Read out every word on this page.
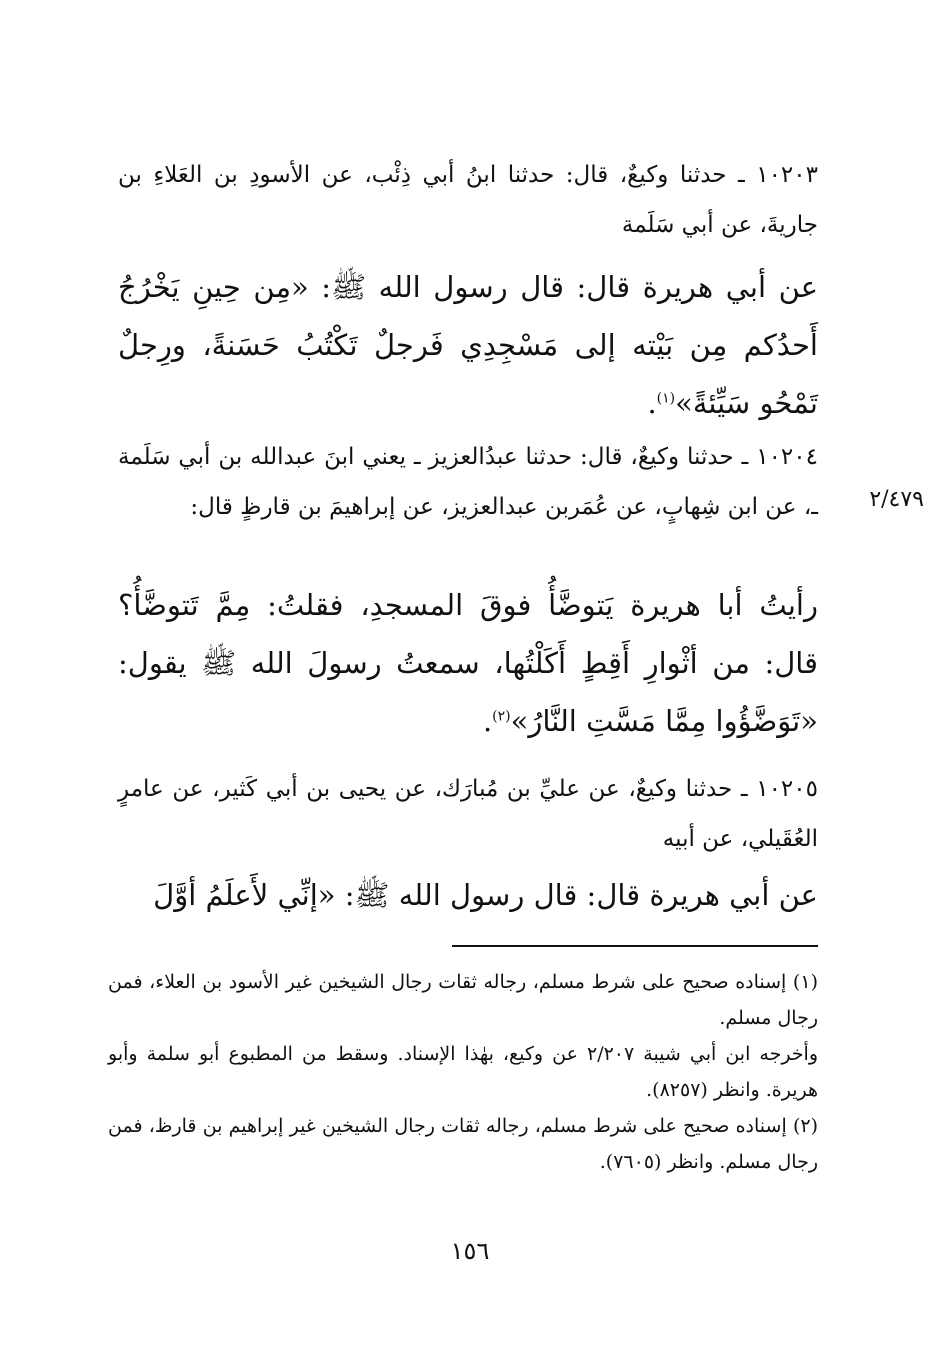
١٠٢٠٣ ـ حدثنا وكيعٌ، قال: حدثنا ابنُ أبي ذِئْب، عن الأسودِ بن العَلاءِ بن جاريةَ، عن أبي سَلَمة
عن أبي هريرة قال: قال رسول الله ﷺ: «مِن حِينِ يَخْرُجُ أَحدُكم مِن بَيْته إلى مَسْجِدِي فَرجلٌ تَكْتُبُ حَسَنةً، ورِجلٌ تَمْحُو سَيِّئةً»$^{(١)}$.
١٠٢٠٤ ـ حدثنا وكيعٌ، قال: حدثنا عبدُالعزيز ـ يعني ابنَ عبدالله بن أبي سَلَمة ـ، عن ابن شِهابٍ، عن عُمَربن عبدالعزيز، عن إبراهيمَ بن قارظٍ قال:	٢/٤٧٩
رأيتُ أبا هريرة يَتوضَّأُ فوقَ المسجدِ، فقلتُ: مِمَّ تَتوضَّأُ؟ قال: من أثْوارِ أَقِطٍ أَكَلْتُها، سمعتُ رسولَ الله ﷺ يقول: «تَوَضَّؤُوا مِمَّا مَسَّتِ النَّارُ»$^{(٢)}$.
١٠٢٠٥ ـ حدثنا وكيعٌ، عن عليِّ بن مُبارَك، عن يحيى بن أبي كَثير، عن عامرٍ العُقَيلي، عن أبيه
عن أبي هريرة قال: قال رسول الله ﷺ: «إنِّي لأَعلَمُ أوَّلَ

(١) إسناده صحيح على شرط مسلم، رجاله ثقات رجال الشيخين غير الأسود بن العلاء، فمن رجال مسلم.

وأخرجه ابن أبي شيبة ٢/٢٠٧ عن وكيع، بهٰذا الإسناد. وسقط من المطبوع أبو سلمة وأبو هريرة. وانظر (٨٢٥٧).

(٢) إسناده صحيح على شرط مسلم، رجاله ثقات رجال الشيخين غير إبراهيم بن قارظ، فمن رجال مسلم. وانظر (٧٦٠٥).

١٥٦
